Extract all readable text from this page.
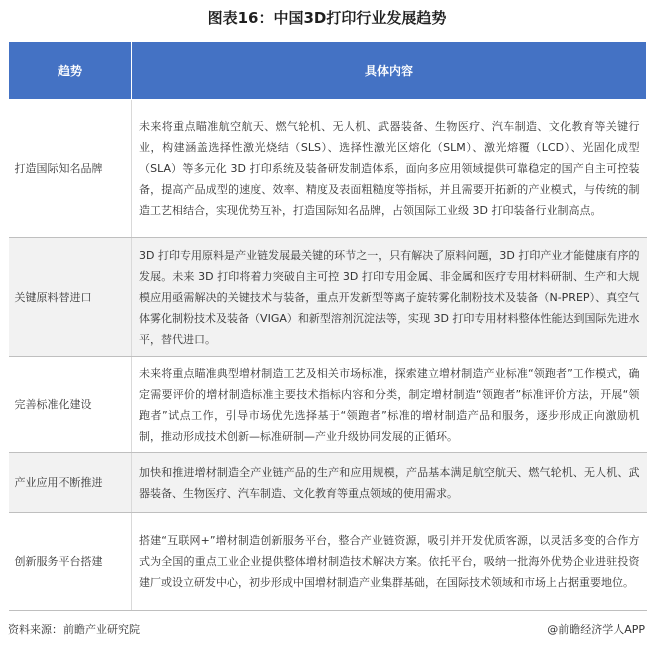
图表16：中国3D打印行业发展趋势
趋势	具体内容
打造国际知名品牌	未来将重点瞄准航空航天、燃气轮机、无人机、武器装备、生物医疗、汽车制造、文化教育等关键行业，构建涵盖选择性激光烧结（SLS）、选择性激光区熔化（SLM）、激光熔覆（LCD）、光固化成型（SLA）等多元化 3D 打印系统及装备研发制造体系，面向多应用领域提供可靠稳定的国产自主可控装备，提高产品成型的速度、效率、精度及表面粗糙度等指标，并且需要开拓新的产业模式，与传统的制造工艺相结合，实现优势互补，打造国际知名品牌，占领国际工业级 3D 打印装备行业制高点。
关键原料替进口	3D 打印专用原料是产业链发展最关键的环节之一，只有解决了原料问题，3D 打印产业才能健康有序的发展。未来 3D 打印将着力突破自主可控 3D 打印专用金属、非金属和医疗专用材料研制、生产和大规模应用亟需解决的关键技术与装备，重点开发新型等离子旋转雾化制粉技术及装备（N-PREP）、真空气体雾化制粉技术及装备（VIGA）和新型溶剂沉淀法等，实现 3D 打印专用材料整体性能达到国际先进水平，替代进口。
完善标准化建设	未来将重点瞄准典型增材制造工艺及相关市场标准，探索建立增材制造产业标准“领跑者”工作模式，确定需要评价的增材制造标准主要技术指标内容和分类，制定增材制造“领跑者”标准评价方法，开展“领跑者”试点工作，引导市场优先选择基于“领跑者”标准的增材制造产品和服务，逐步形成正向激励机制，推动形成技术创新—标准研制—产业升级协同发展的正循环。
产业应用不断推进	加快和推进增材制造全产业链产品的生产和应用规模，产品基本满足航空航天、燃气轮机、无人机、武器装备、生物医疗、汽车制造、文化教育等重点领域的使用需求。
创新服务平台搭建	搭建“互联网+”增材制造创新服务平台，整合产业链资源，吸引并开发优质客源，以灵活多变的合作方式为全国的重点工业企业提供整体增材制造技术解决方案。依托平台，吸纳一批海外优势企业进驻投资建厂或设立研发中心，初步形成中国增材制造产业集群基础，在国际技术领域和市场上占据重要地位。
资料来源：前瞻产业研究院	@前瞻经济学人APP
